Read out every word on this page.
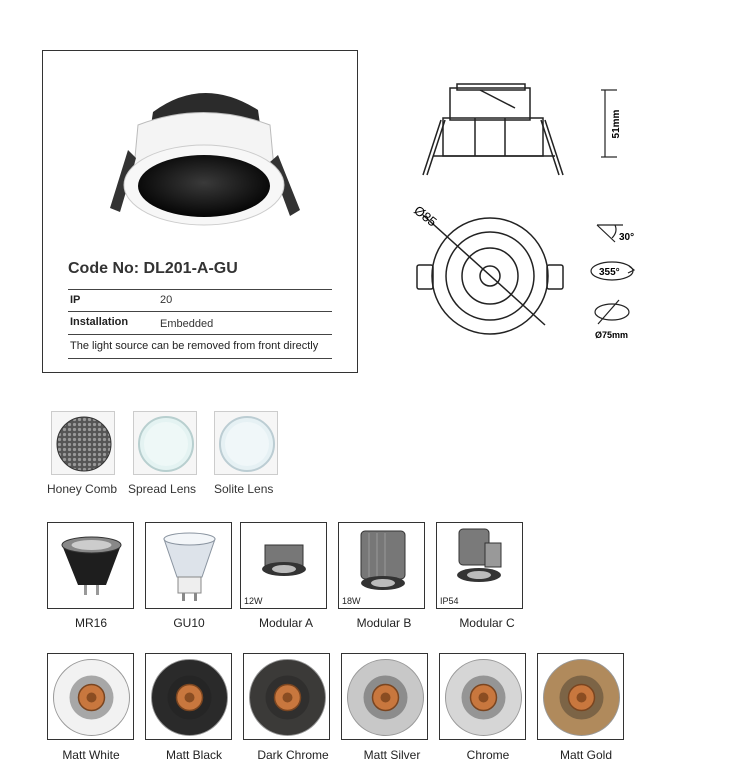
Code No: DL201-A-GU
IP	20
Installation	Embedded
The light source can be removed from front directly
51mm
Ø85
30°
355°
Ø75mm
Honey Comb Spread Lens Solite Lens
MR16	GU10
12W
Modular A
18W
Modular B
IP54
Modular C
Matt White	Matt Black	Dark Chrome	Matt Silver	Chrome	Matt Gold
